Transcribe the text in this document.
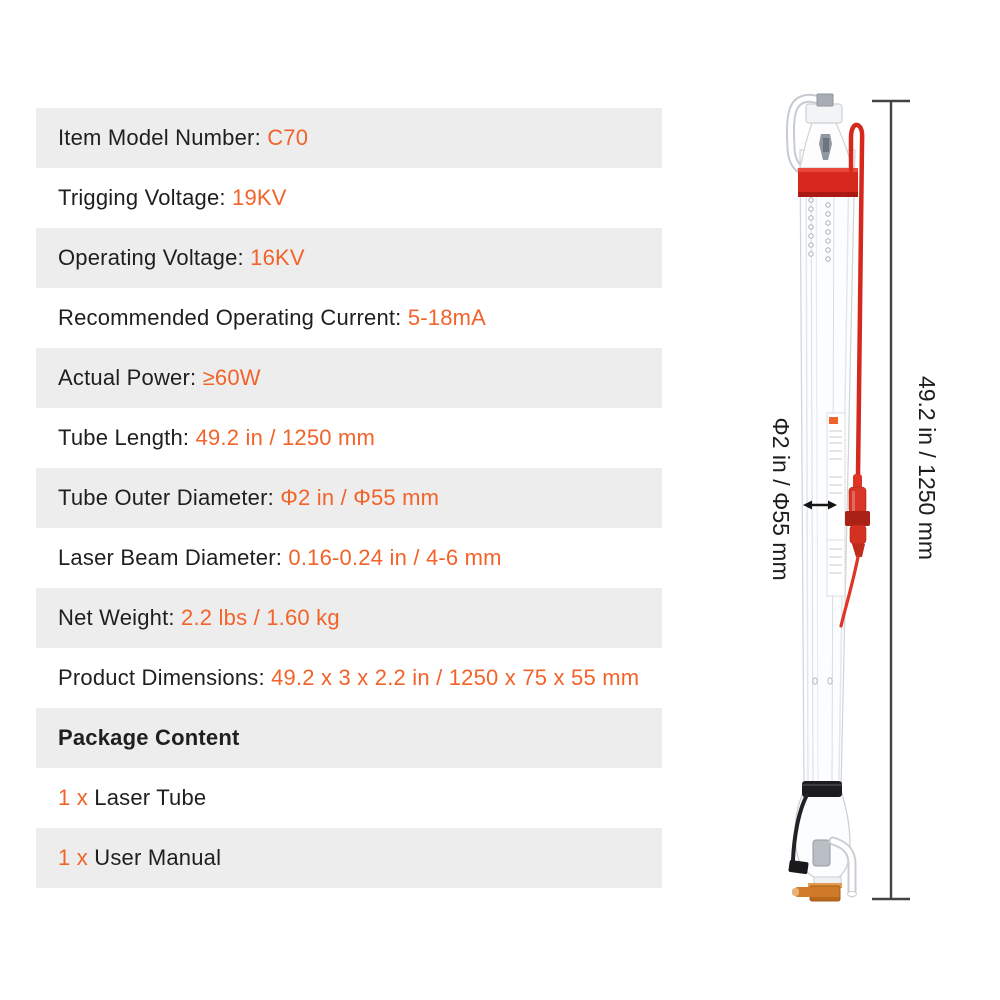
Item Model Number: C70
Trigging Voltage: 19KV
Operating Voltage: 16KV
Recommended Operating Current: 5-18mA
Actual Power: ≥60W
Tube Length: 49.2 in / 1250 mm
Tube Outer Diameter: Φ2 in / Φ55 mm
Laser Beam Diameter: 0.16-0.24 in / 4-6 mm
Net Weight: 2.2 lbs / 1.60 kg
Product Dimensions: 49.2 x 3 x 2.2 in / 1250 x 75 x 55 mm
Package Content
1 x Laser Tube
1 x User Manual
Φ2 in / Φ55 mm	49.2 in / 1250 mm
